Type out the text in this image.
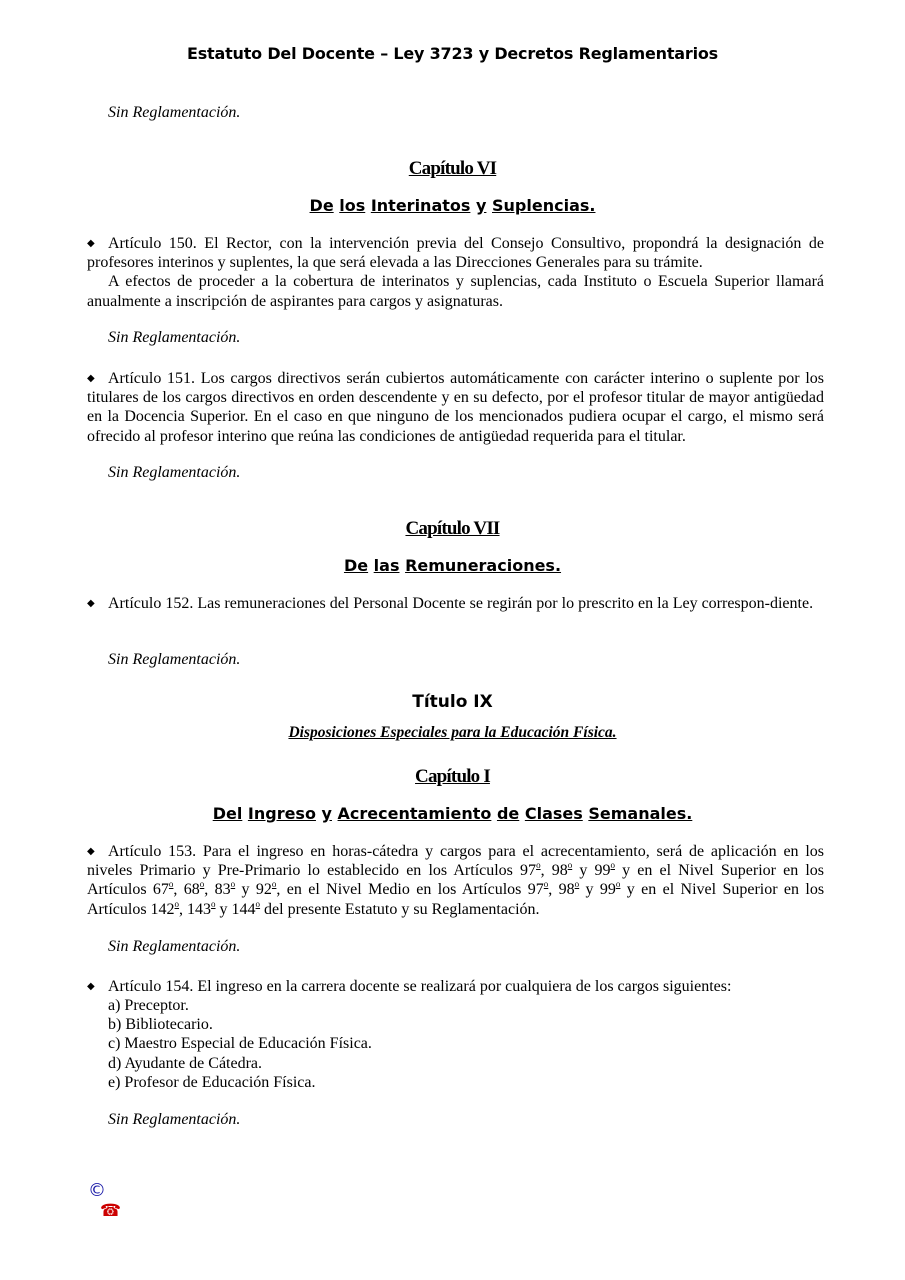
Estatuto Del Docente – Ley 3723 y Decretos Reglamentarios
Sin Reglamentación.
Capítulo VI
De los Interinatos y Suplencias.

◆ Artículo 150. El Rector, con la intervención previa del Consejo Consultivo, propondrá la designación de profesores interinos y suplentes, la que será elevada a las Direcciones Generales para su trámite.

A efectos de proceder a la cobertura de interinatos y suplencias, cada Instituto o Escuela Superior llamará anualmente a inscripción de aspirantes para cargos y asignaturas.

Sin Reglamentación.

◆ Artículo 151. Los cargos directivos serán cubiertos automáticamente con carácter interino o suplente por los titulares de los cargos directivos en orden descendente y en su defecto, por el profesor titular de mayor antigüedad en la Docencia Superior. En el caso en que ninguno de los mencionados pudiera ocupar el cargo, el mismo será ofrecido al profesor interino que reúna las condiciones de antigüedad requerida para el titular.

Sin Reglamentación.
Capítulo VII
De las Remuneraciones.

◆ Artículo 152. Las remuneraciones del Personal Docente se regirán por lo prescrito en la Ley correspon-diente.

Sin Reglamentación.
Título IX
Disposiciones Especiales para la Educación Física.
Capítulo I
Del Ingreso y Acrecentamiento de Clases Semanales.

◆ Artículo 153. Para el ingreso en horas-cátedra y cargos para el acrecentamiento, será de aplicación en los niveles Primario y Pre-Primario lo establecido en los Artículos 97$^o$, 98$^o$ y 99$^o$ y en el Nivel Superior en los Artículos 67$^o$, 68$^o$, 83$^o$ y 92$^o$, en el Nivel Medio en los Artículos 97$^o$, 98$^o$ y 99$^o$ y en el Nivel Superior en los Artículos 142$^o$, 143$^o$ y 144$^o$ del presente Estatuto y su Reglamentación.

Sin Reglamentación.

◆ Artículo 154. El ingreso en la carrera docente se realizará por cualquiera de los cargos siguientes:

a) Preceptor.
b) Bibliotecario.
c) Maestro Especial de Educación Física.
d) Ayudante de Cátedra.
e) Profesor de Educación Física.
Sin Reglamentación.
©
☎
